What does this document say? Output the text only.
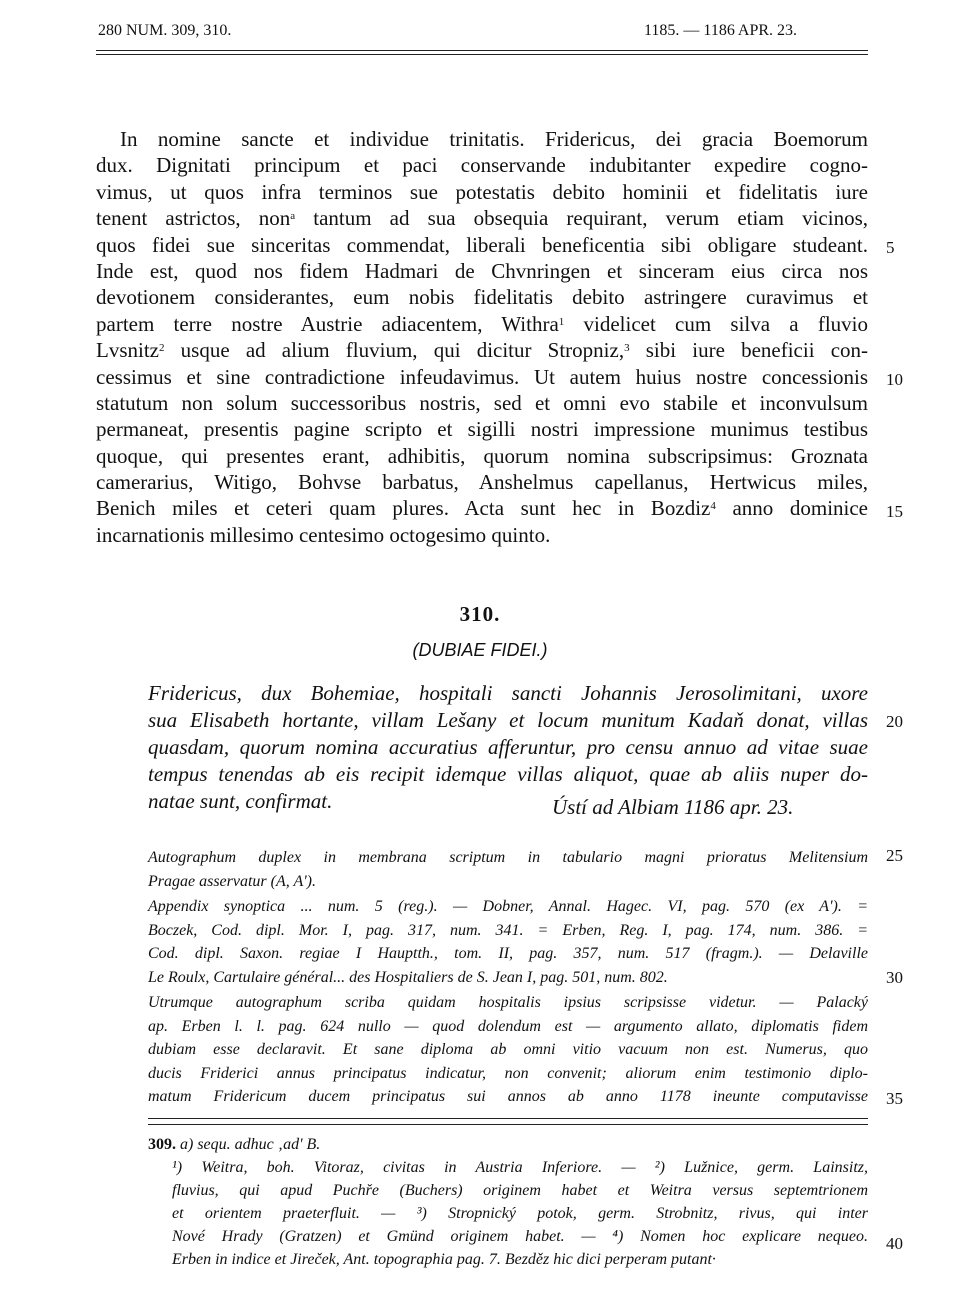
280 NUM. 309, 310.	1185. — 1186 APR. 23.
In nomine sancte et individue trinitatis. Fridericus, dei gracia Boemorum
dux. Dignitati principum et paci conservande indubitanter expedire cogno-
vimus, ut quos infra terminos sue potestatis debito hominii et fidelitatis iure
tenent astrictos, non$^a$ tantum ad sua obsequia requirant, verum etiam vicinos,
quos fidei sue sinceritas commendat, liberali beneficentia sibi obligare studeant.
Inde est, quod nos fidem Hadmari de Chvnringen et sinceram eius circa nos
devotionem considerantes, eum nobis fidelitatis debito astringere curavimus et
partem terre nostre Austrie adiacentem, Withra$^1$ videlicet cum silva a fluvio
Lvsnitz$^2$ usque ad alium fluvium, qui dicitur Stropniz,$^3$ sibi iure beneficii con-
cessimus et sine contradictione infeudavimus. Ut autem huius nostre concessionis
statutum non solum successoribus nostris, sed et omni evo stabile et inconvulsum
permaneat, presentis pagine scripto et sigilli nostri impressione munimus testibus
quoque, qui presentes erant, adhibitis, quorum nomina subscripsimus: Groznata
camerarius, Witigo, Bohvse barbatus, Anshelmus capellanus, Hertwicus miles,
Benich miles et ceteri quam plures. Acta sunt hec in Bozdiz$^4$ anno dominice
incarnationis millesimo centesimo octogesimo quinto.
5
10
15
20
25
30
35
40
310.
(DUBIAE FIDEI.)
Fridericus, dux Bohemiae, hospitali sancti Johannis Jerosolimitani, uxore
sua Elisabeth hortante, villam Lešany et locum munitum Kadaň donat, villas
quasdam, quorum nomina accuratius afferuntur, pro censu annuo ad vitae suae
tempus tenendas ab eis recipit idemque villas aliquot, quae ab aliis nuper do-
natae sunt, confirmat.	Ústí ad Albiam 1186 apr. 23.
Autographum duplex in membrana scriptum in tabulario magni prioratus Melitensium
Pragae asservatur (A, A').
Appendix synoptica ... num. 5 (reg.). — Dobner, Annal. Hagec. VI, pag. 570 (ex A'). =
Boczek, Cod. dipl. Mor. I, pag. 317, num. 341. = Erben, Reg. I, pag. 174, num. 386. =
Cod. dipl. Saxon. regiae I Hauptth., tom. II, pag. 357, num. 517 (fragm.). — Delaville
Le Roulx, Cartulaire général... des Hospitaliers de S. Jean I, pag. 501, num. 802.
Utrumque autographum scriba quidam hospitalis ipsius scripsisse videtur. — Palacký
ap. Erben l. l. pag. 624 nullo — quod dolendum est — argumento allato, diplomatis fidem
dubiam esse declaravit. Et sane diploma ab omni vitio vacuum non est. Numerus, quo
ducis Friderici annus principatus indicatur, non convenit; aliorum enim testimonio diplo-
matum Fridericum ducem principatus sui annos ab anno 1178 ineunte computavisse
309. a) sequ. adhuc ‚ad' B.
¹) Weitra, boh. Vitoraz, civitas in Austria Inferiore. — ²) Lužnice, germ. Lainsitz,
fluvius, qui apud Puchře (Buchers) originem habet et Weitra versus septemtrionem
et orientem praeterfluit. — ³) Stropnický potok, germ. Strobnitz, rivus, qui inter
Nové Hrady (Gratzen) et Gmünd originem habet. — ⁴) Nomen hoc explicare nequeo.
Erben in indice et Jireček, Ant. topographia pag. 7. Bezděz hic dici perperam putant·
